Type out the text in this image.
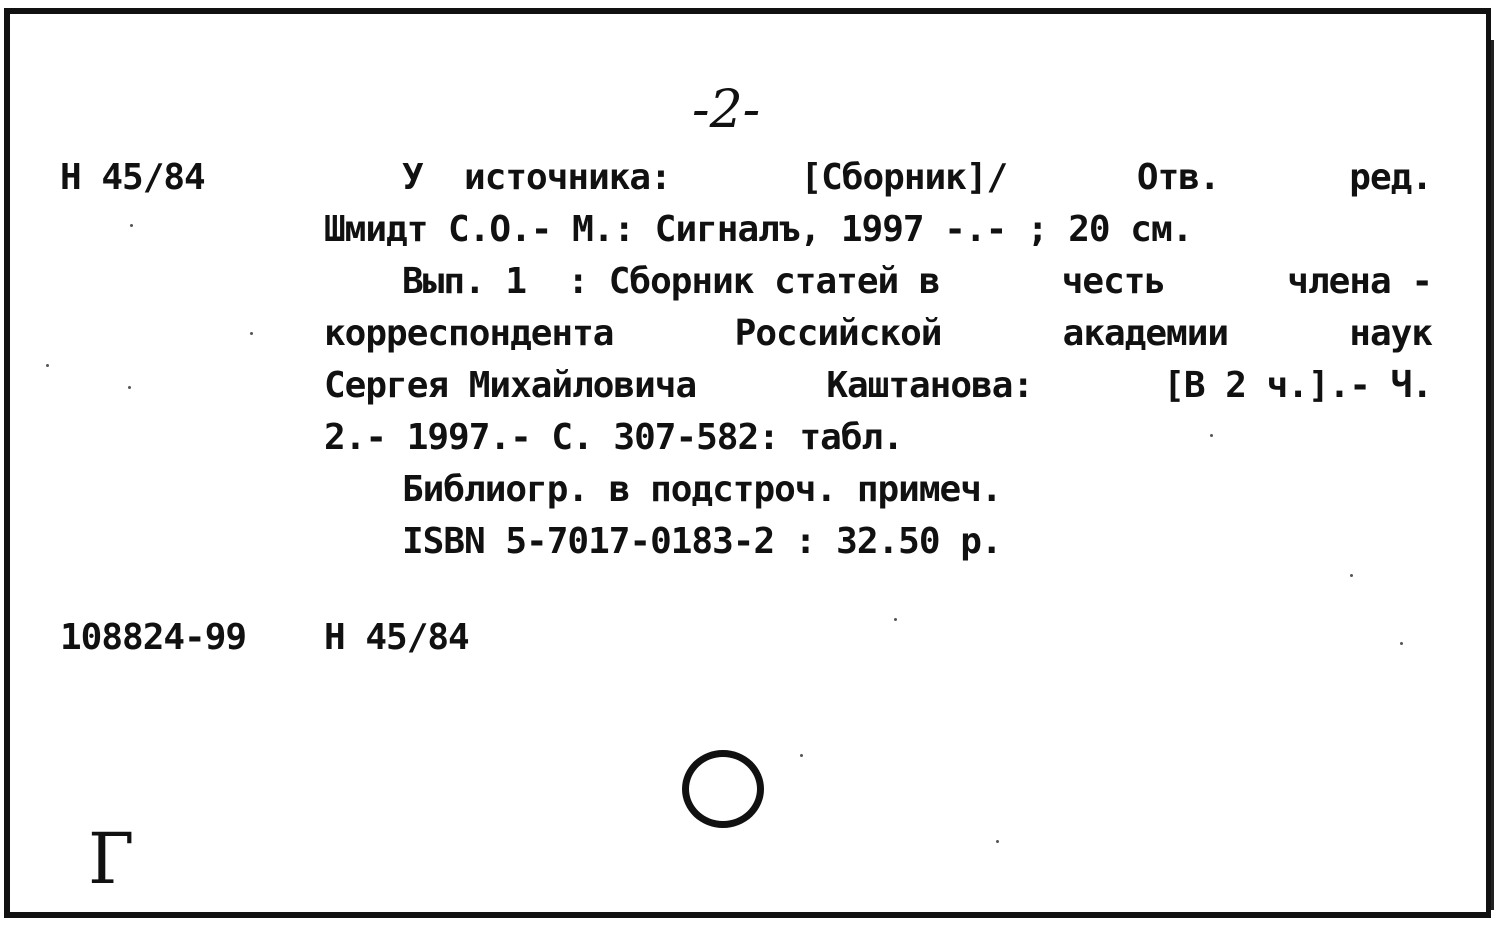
-2-
Н 45/84	У  источника:	[Сборник]/	Отв.	ред.
Шмидт С.О.- М.: Сигналъ, 1997 -.- ; 20 см.
Вып. 1  : Сборник статей в	честь	члена -
корреспондента	Российской	академии	наук
Сергея Михайловича	Каштанова:	[В 2 ч.].- Ч.
2.- 1997.- С. 307-582: табл.
Библиогр. в подстроч. примеч.
ISBN 5-7017-0183-2 : 32.50 р.
108824-99 Н 45/84
Г
